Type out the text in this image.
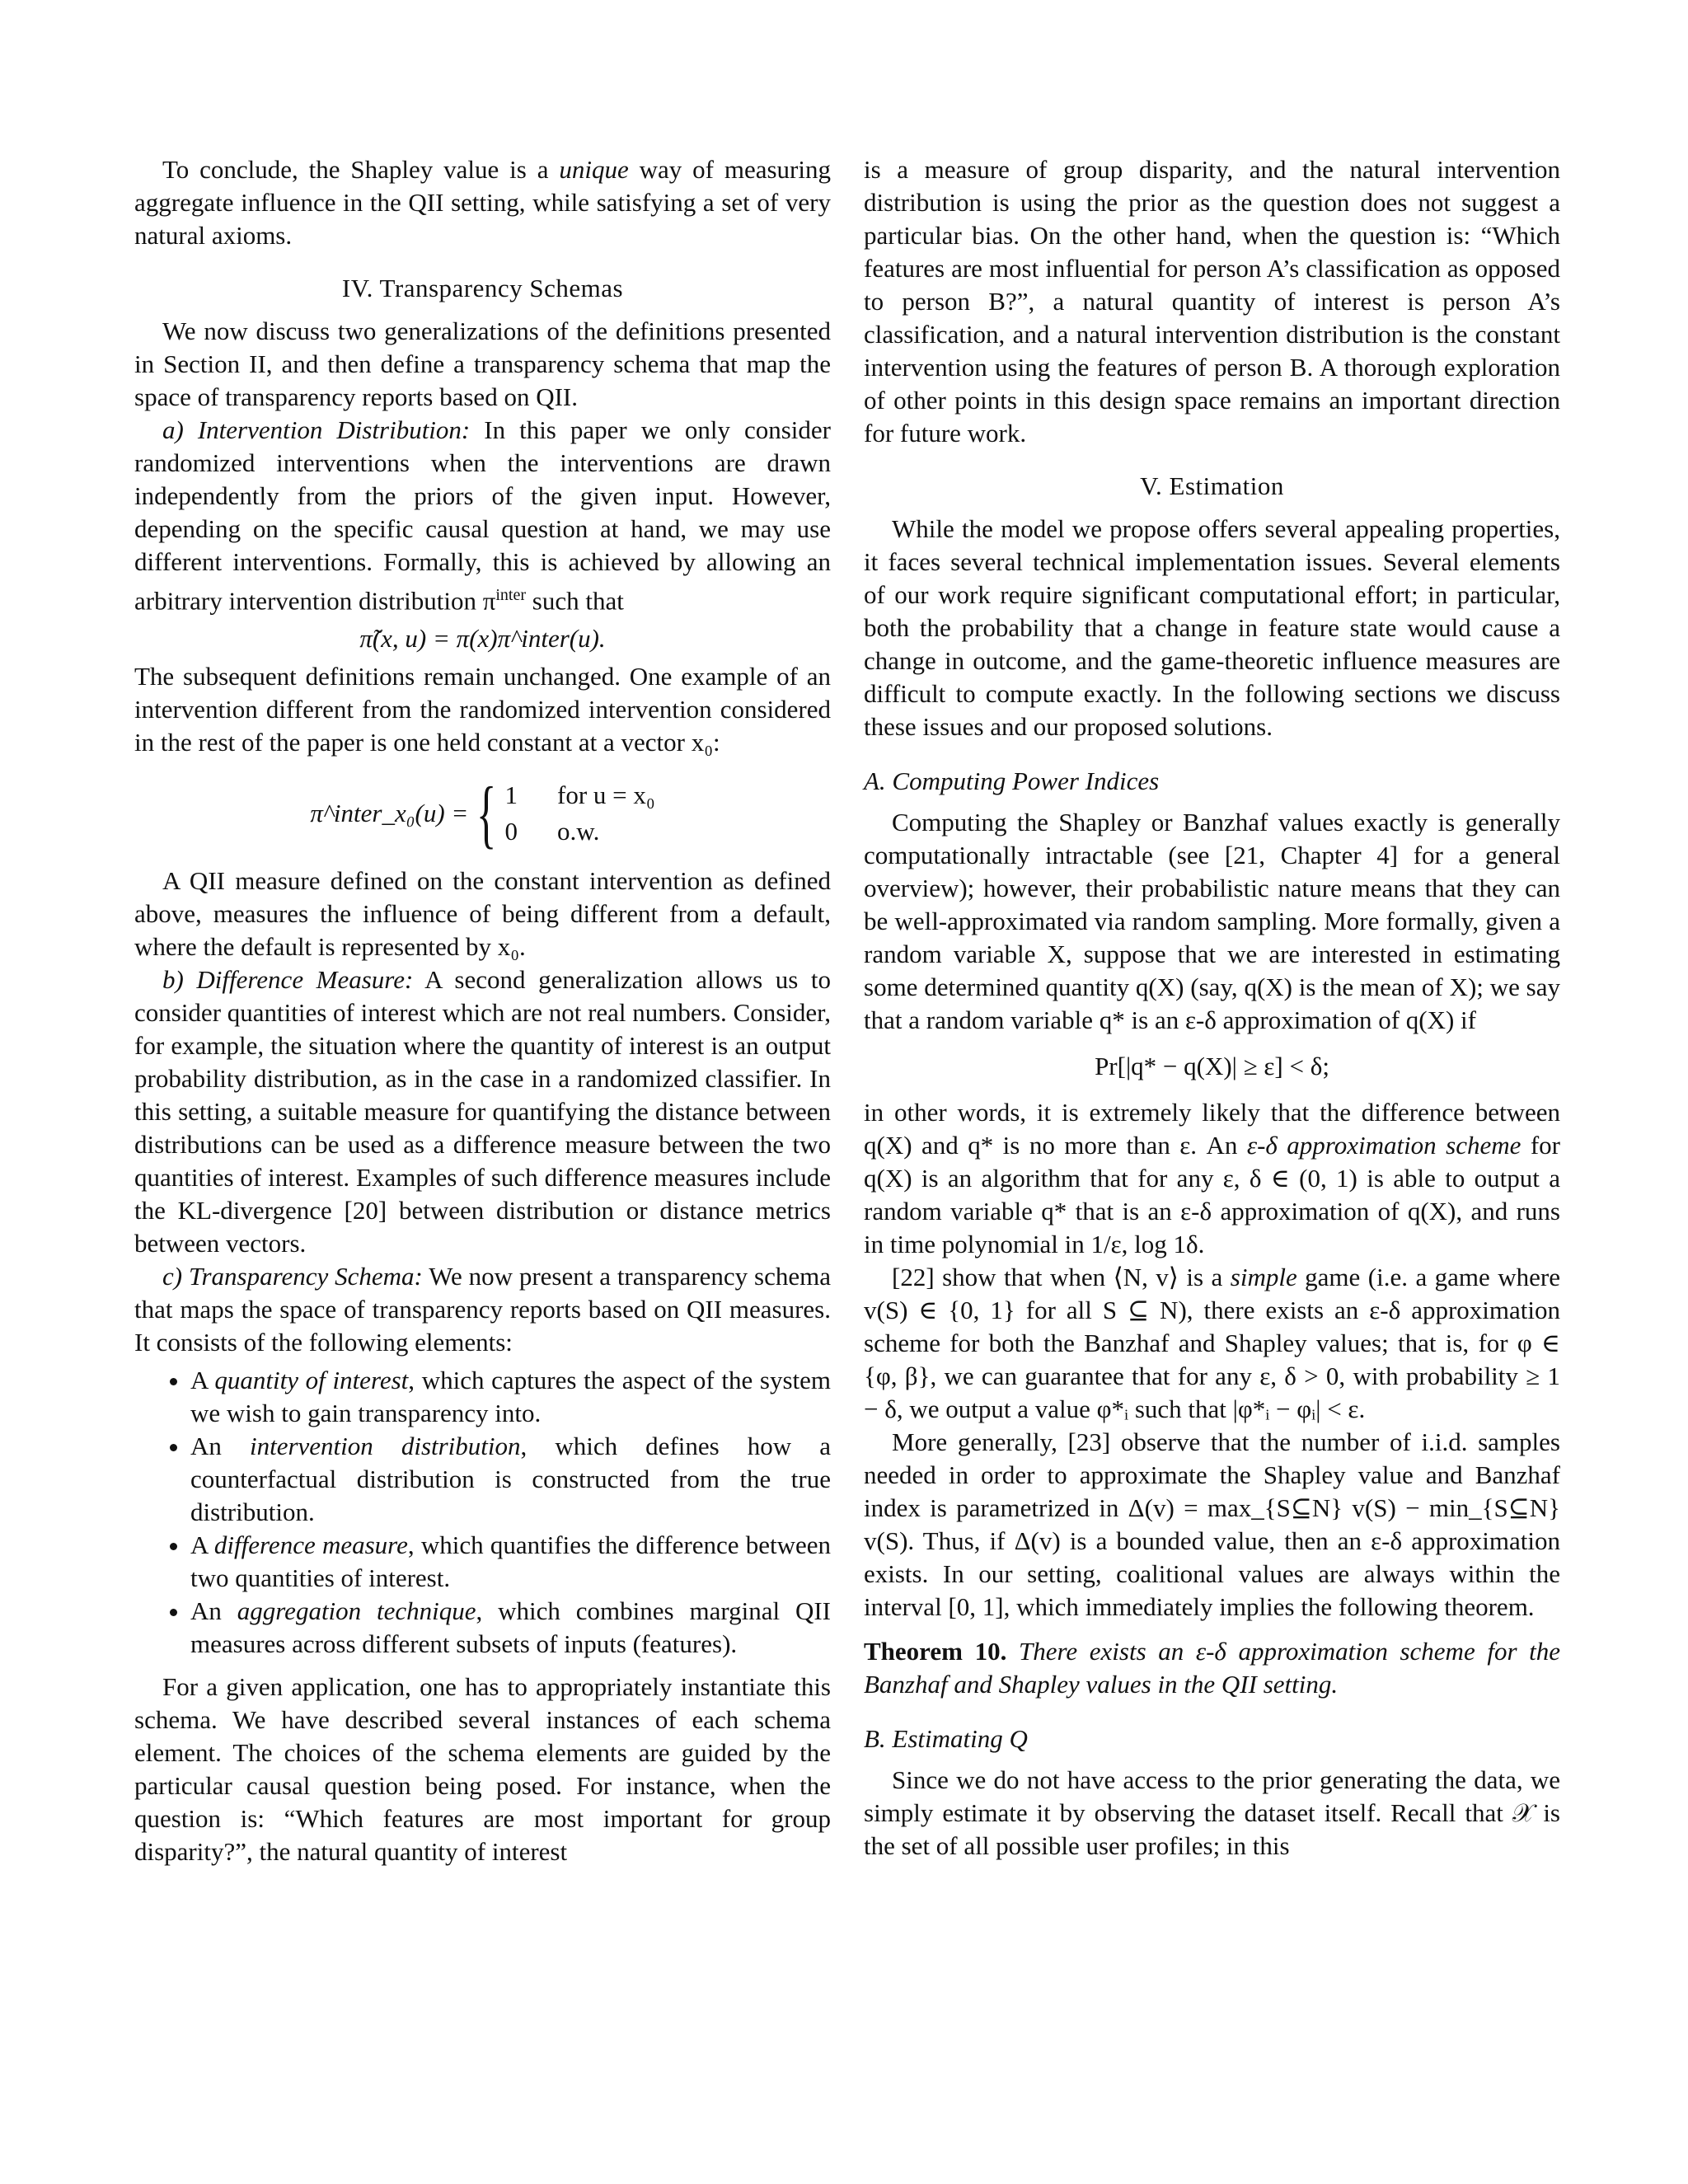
To conclude, the Shapley value is a unique way of measuring aggregate influence in the QII setting, while satisfying a set of very natural axioms.

IV. Transparency Schemas

We now discuss two generalizations of the definitions presented in Section II, and then define a transparency schema that map the space of transparency reports based on QII.

a) Intervention Distribution: In this paper we only consider randomized interventions when the interventions are drawn independently from the priors of the given input. However, depending on the specific causal question at hand, we may use different interventions. Formally, this is achieved by allowing an arbitrary intervention distribution $\pi^{inter}$ such that

π̃(x, u) = π(x)π^inter(u).

The subsequent definitions remain unchanged. One example of an intervention different from the randomized intervention considered in the rest of the paper is one held constant at a vector x₀:

π^inter_x₀(u) = { 1 for u = x₀
0 o.w.

A QII measure defined on the constant intervention as defined above, measures the influence of being different from a default, where the default is represented by x₀.

b) Difference Measure: A second generalization allows us to consider quantities of interest which are not real numbers. Consider, for example, the situation where the quantity of interest is an output probability distribution, as in the case in a randomized classifier. In this setting, a suitable measure for quantifying the distance between distributions can be used as a difference measure between the two quantities of interest. Examples of such difference measures include the KL-divergence [20] between distribution or distance metrics between vectors.

c) Transparency Schema: We now present a transparency schema that maps the space of transparency reports based on QII measures. It consists of the following elements:

• A quantity of interest, which captures the aspect of the system we wish to gain transparency into.
• An intervention distribution, which defines how a counterfactual distribution is constructed from the true distribution.
• A difference measure, which quantifies the difference between two quantities of interest.
• An aggregation technique, which combines marginal QII measures across different subsets of inputs (features).

For a given application, one has to appropriately instantiate this schema. We have described several instances of each schema element. The choices of the schema elements are guided by the particular causal question being posed. For instance, when the question is: “Which features are most important for group disparity?”, the natural quantity of interest

is a measure of group disparity, and the natural intervention distribution is using the prior as the question does not suggest a particular bias. On the other hand, when the question is: “Which features are most influential for person A’s classification as opposed to person B?”, a natural quantity of interest is person A’s classification, and a natural intervention distribution is the constant intervention using the features of person B. A thorough exploration of other points in this design space remains an important direction for future work.

V. Estimation

While the model we propose offers several appealing properties, it faces several technical implementation issues. Several elements of our work require significant computational effort; in particular, both the probability that a change in feature state would cause a change in outcome, and the game-theoretic influence measures are difficult to compute exactly. In the following sections we discuss these issues and our proposed solutions.

A. Computing Power Indices

Computing the Shapley or Banzhaf values exactly is generally computationally intractable (see [21, Chapter 4] for a general overview); however, their probabilistic nature means that they can be well-approximated via random sampling. More formally, given a random variable X, suppose that we are interested in estimating some determined quantity q(X) (say, q(X) is the mean of X); we say that a random variable q* is an ε-δ approximation of q(X) if

Pr[|q* − q(X)| ≥ ε] < δ;

in other words, it is extremely likely that the difference between q(X) and q* is no more than ε. An ε-δ approximation scheme for q(X) is an algorithm that for any ε, δ ∈ (0, 1) is able to output a random variable q* that is an ε-δ approximation of q(X), and runs in time polynomial in 1/ε, log 1δ.

[22] show that when ⟨N, v⟩ is a simple game (i.e. a game where v(S) ∈ {0, 1} for all S ⊆ N), there exists an ε-δ approximation scheme for both the Banzhaf and Shapley values; that is, for φ ∈ {φ, β}, we can guarantee that for any ε, δ > 0, with probability ≥ 1 − δ, we output a value φ*ᵢ such that |φ*ᵢ − φᵢ| < ε.

More generally, [23] observe that the number of i.i.d. samples needed in order to approximate the Shapley value and Banzhaf index is parametrized in Δ(v) = max_{S⊆N} v(S) − min_{S⊆N} v(S). Thus, if Δ(v) is a bounded value, then an ε-δ approximation exists. In our setting, coalitional values are always within the interval [0, 1], which immediately implies the following theorem.

Theorem 10. There exists an ε-δ approximation scheme for the Banzhaf and Shapley values in the QII setting.

B. Estimating Q

Since we do not have access to the prior generating the data, we simply estimate it by observing the dataset itself. Recall that 𝒳 is the set of all possible user profiles; in this
